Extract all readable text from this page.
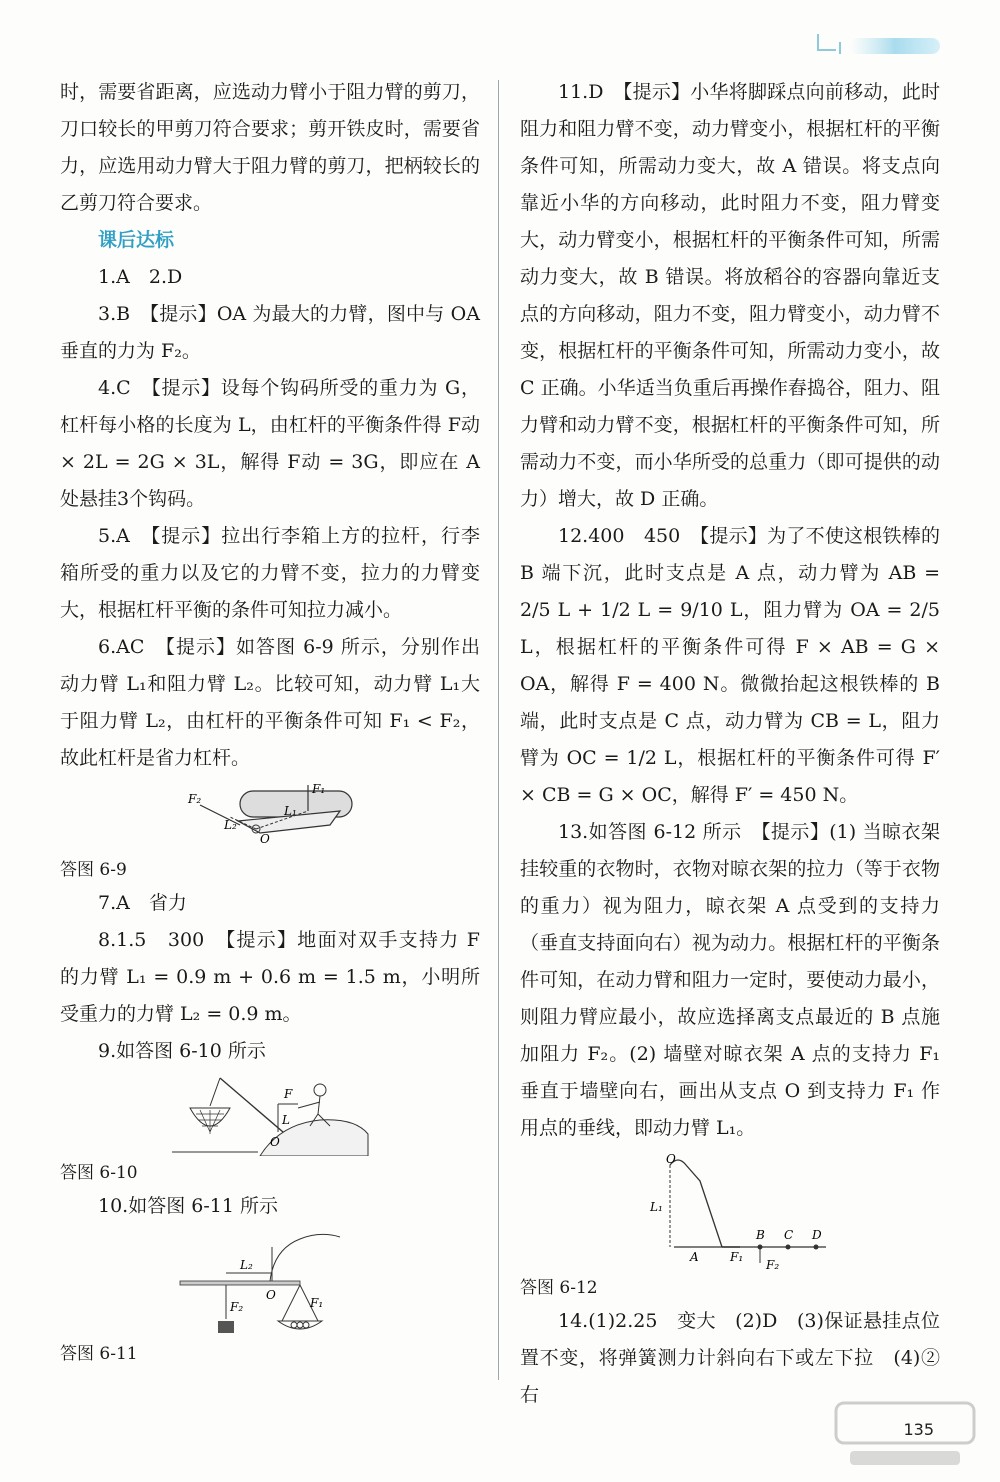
时，需要省距离，应选动力臂小于阻力臂的剪刀，刀口较长的甲剪刀符合要求；剪开铁皮时，需要省力，应选用动力臂大于阻力臂的剪刀，把柄较长的乙剪刀符合要求。

课后达标

1.A　2.D

3.B　【提示】OA 为最大的力臂，图中与 OA 垂直的力为 F₂。

4.C　【提示】设每个钩码所受的重力为 G，杠杆每小格的长度为 L，由杠杆的平衡条件得 F动 × 2L = 2G × 3L，解得 F动 = 3G，即应在 A 处悬挂3个钩码。

5.A　【提示】拉出行李箱上方的拉杆，行李箱所受的重力以及它的力臂不变，拉力的力臂变大，根据杠杆平衡的条件可知拉力减小。

6.AC　【提示】如答图 6-9 所示，分别作出动力臂 L₁和阻力臂 L₂。比较可知，动力臂 L₁大于阻力臂 L₂，由杠杆的平衡条件可知 F₁ < F₂，故此杠杆是省力杠杆。

F₁
F₂
L₁
L₂
O

答图 6-9

7.A　省力

8.1.5　300　【提示】地面对双手支持力 F 的力臂 L₁ = 0.9 m + 0.6 m = 1.5 m，小明所受重力的力臂 L₂ = 0.9 m。

9.如答图 6-10 所示

F
L
O

答图 6-10

10.如答图 6-11 所示

L₂
O
F₂	F₁

答图 6-11

11.D　【提示】小华将脚踩点向前移动，此时阻力和阻力臂不变，动力臂变小，根据杠杆的平衡条件可知，所需动力变大，故 A 错误。将支点向靠近小华的方向移动，此时阻力不变，阻力臂变大，动力臂变小，根据杠杆的平衡条件可知，所需动力变大，故 B 错误。将放稻谷的容器向靠近支点的方向移动，阻力不变，阻力臂变小，动力臂不变，根据杠杆的平衡条件可知，所需动力变小，故 C 正确。小华适当负重后再操作舂捣谷，阻力、阻力臂和动力臂不变，根据杠杆的平衡条件可知，所需动力不变，而小华所受的总重力（即可提供的动力）增大，故 D 正确。

12.400　450　【提示】为了不使这根铁棒的 B 端下沉，此时支点是 A 点，动力臂为 AB = 2/5 L + 1/2 L = 9/10 L，阻力臂为 OA = 2/5 L，根据杠杆的平衡条件可得 F × AB = G × OA，解得 F = 400 N。微微抬起这根铁棒的 B 端，此时支点是 C 点，动力臂为 CB = L，阻力臂为 OC = 1/2 L，根据杠杆的平衡条件可得 F′ × CB = G × OC，解得 F′ = 450 N。

13.如答图 6-12 所示　【提示】(1) 当晾衣架挂较重的衣物时，衣物对晾衣架的拉力（等于衣物的重力）视为阻力，晾衣架 A 点受到的支持力（垂直支持面向右）视为动力。根据杠杆的平衡条件可知，在动力臂和阻力一定时，要使动力最小，则阻力臂应最小，故应选择离支点最近的 B 点施加阻力 F₂。(2) 墙壁对晾衣架 A 点的支持力 F₁ 垂直于墙壁向右，画出从支点 O 到支持力 F₁ 作用点的垂线，即动力臂 L₁。

O
L₁
A	F₁
B C D
F₂

答图 6-12

14.(1)2.25　变大　(2)D　(3)保证悬挂点位置不变，将弹簧测力计斜向右下或左下拉　(4)②右

135
